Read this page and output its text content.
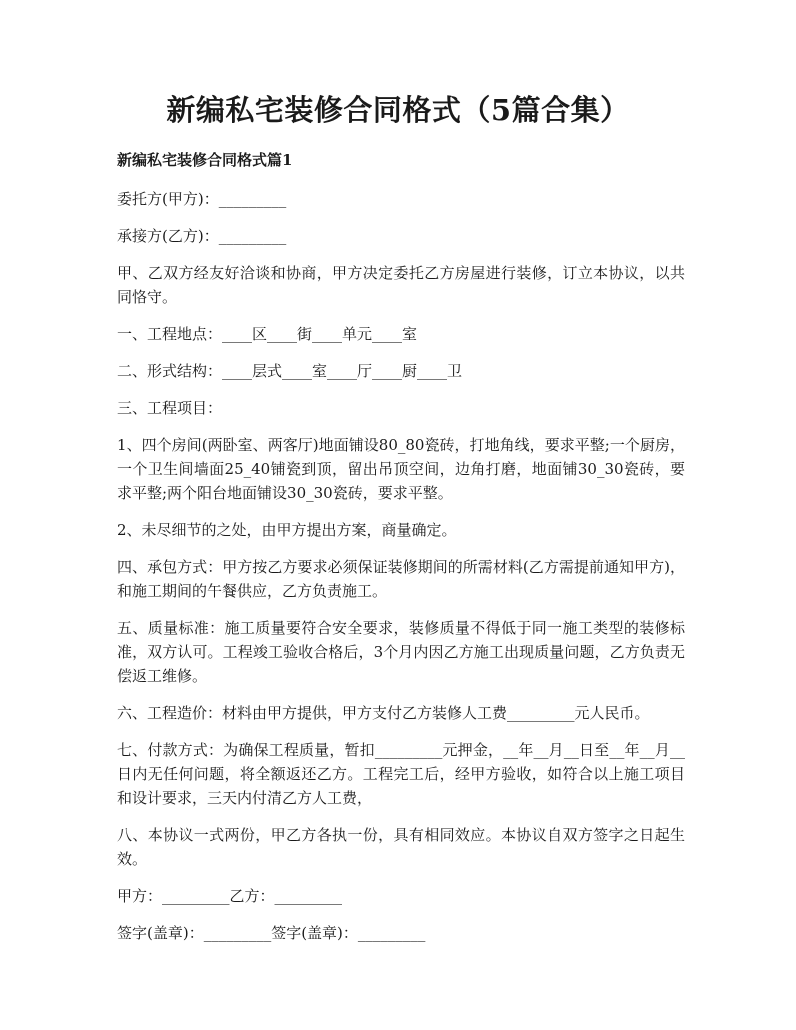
新编私宅装修合同格式（5篇合集）

新编私宅装修合同格式篇1

委托方(甲方)：_________

承接方(乙方)：_________

甲、乙双方经友好洽谈和协商，甲方决定委托乙方房屋进行装修，订立本协议，以共同恪守。

一、工程地点：____区____街____单元____室

二、形式结构：____层式____室____厅____厨____卫

三、工程项目：

1、四个房间(两卧室、两客厅)地面铺设80_80瓷砖，打地角线，要求平整;一个厨房，一个卫生间墙面25_40铺瓷到顶，留出吊顶空间，边角打磨，地面铺30_30瓷砖，要求平整;两个阳台地面铺设30_30瓷砖，要求平整。

2、未尽细节的之处，由甲方提出方案，商量确定。

四、承包方式：甲方按乙方要求必须保证装修期间的所需材料(乙方需提前通知甲方)，和施工期间的午餐供应，乙方负责施工。

五、质量标准：施工质量要符合安全要求，装修质量不得低于同一施工类型的装修标准，双方认可。工程竣工验收合格后，3个月内因乙方施工出现质量问题，乙方负责无偿返工维修。

六、工程造价：材料由甲方提供，甲方支付乙方装修人工费_________元人民币。

七、付款方式：为确保工程质量，暂扣_________元押金，__年__月__日至__年__月__日内无任何问题，将全额返还乙方。工程完工后，经甲方验收，如符合以上施工项目和设计要求，三天内付清乙方人工费，

八、本协议一式两份，甲乙方各执一份，具有相同效应。本协议自双方签字之日起生效。

甲方：_________乙方：_________

签字(盖章)：_________签字(盖章)：_________
